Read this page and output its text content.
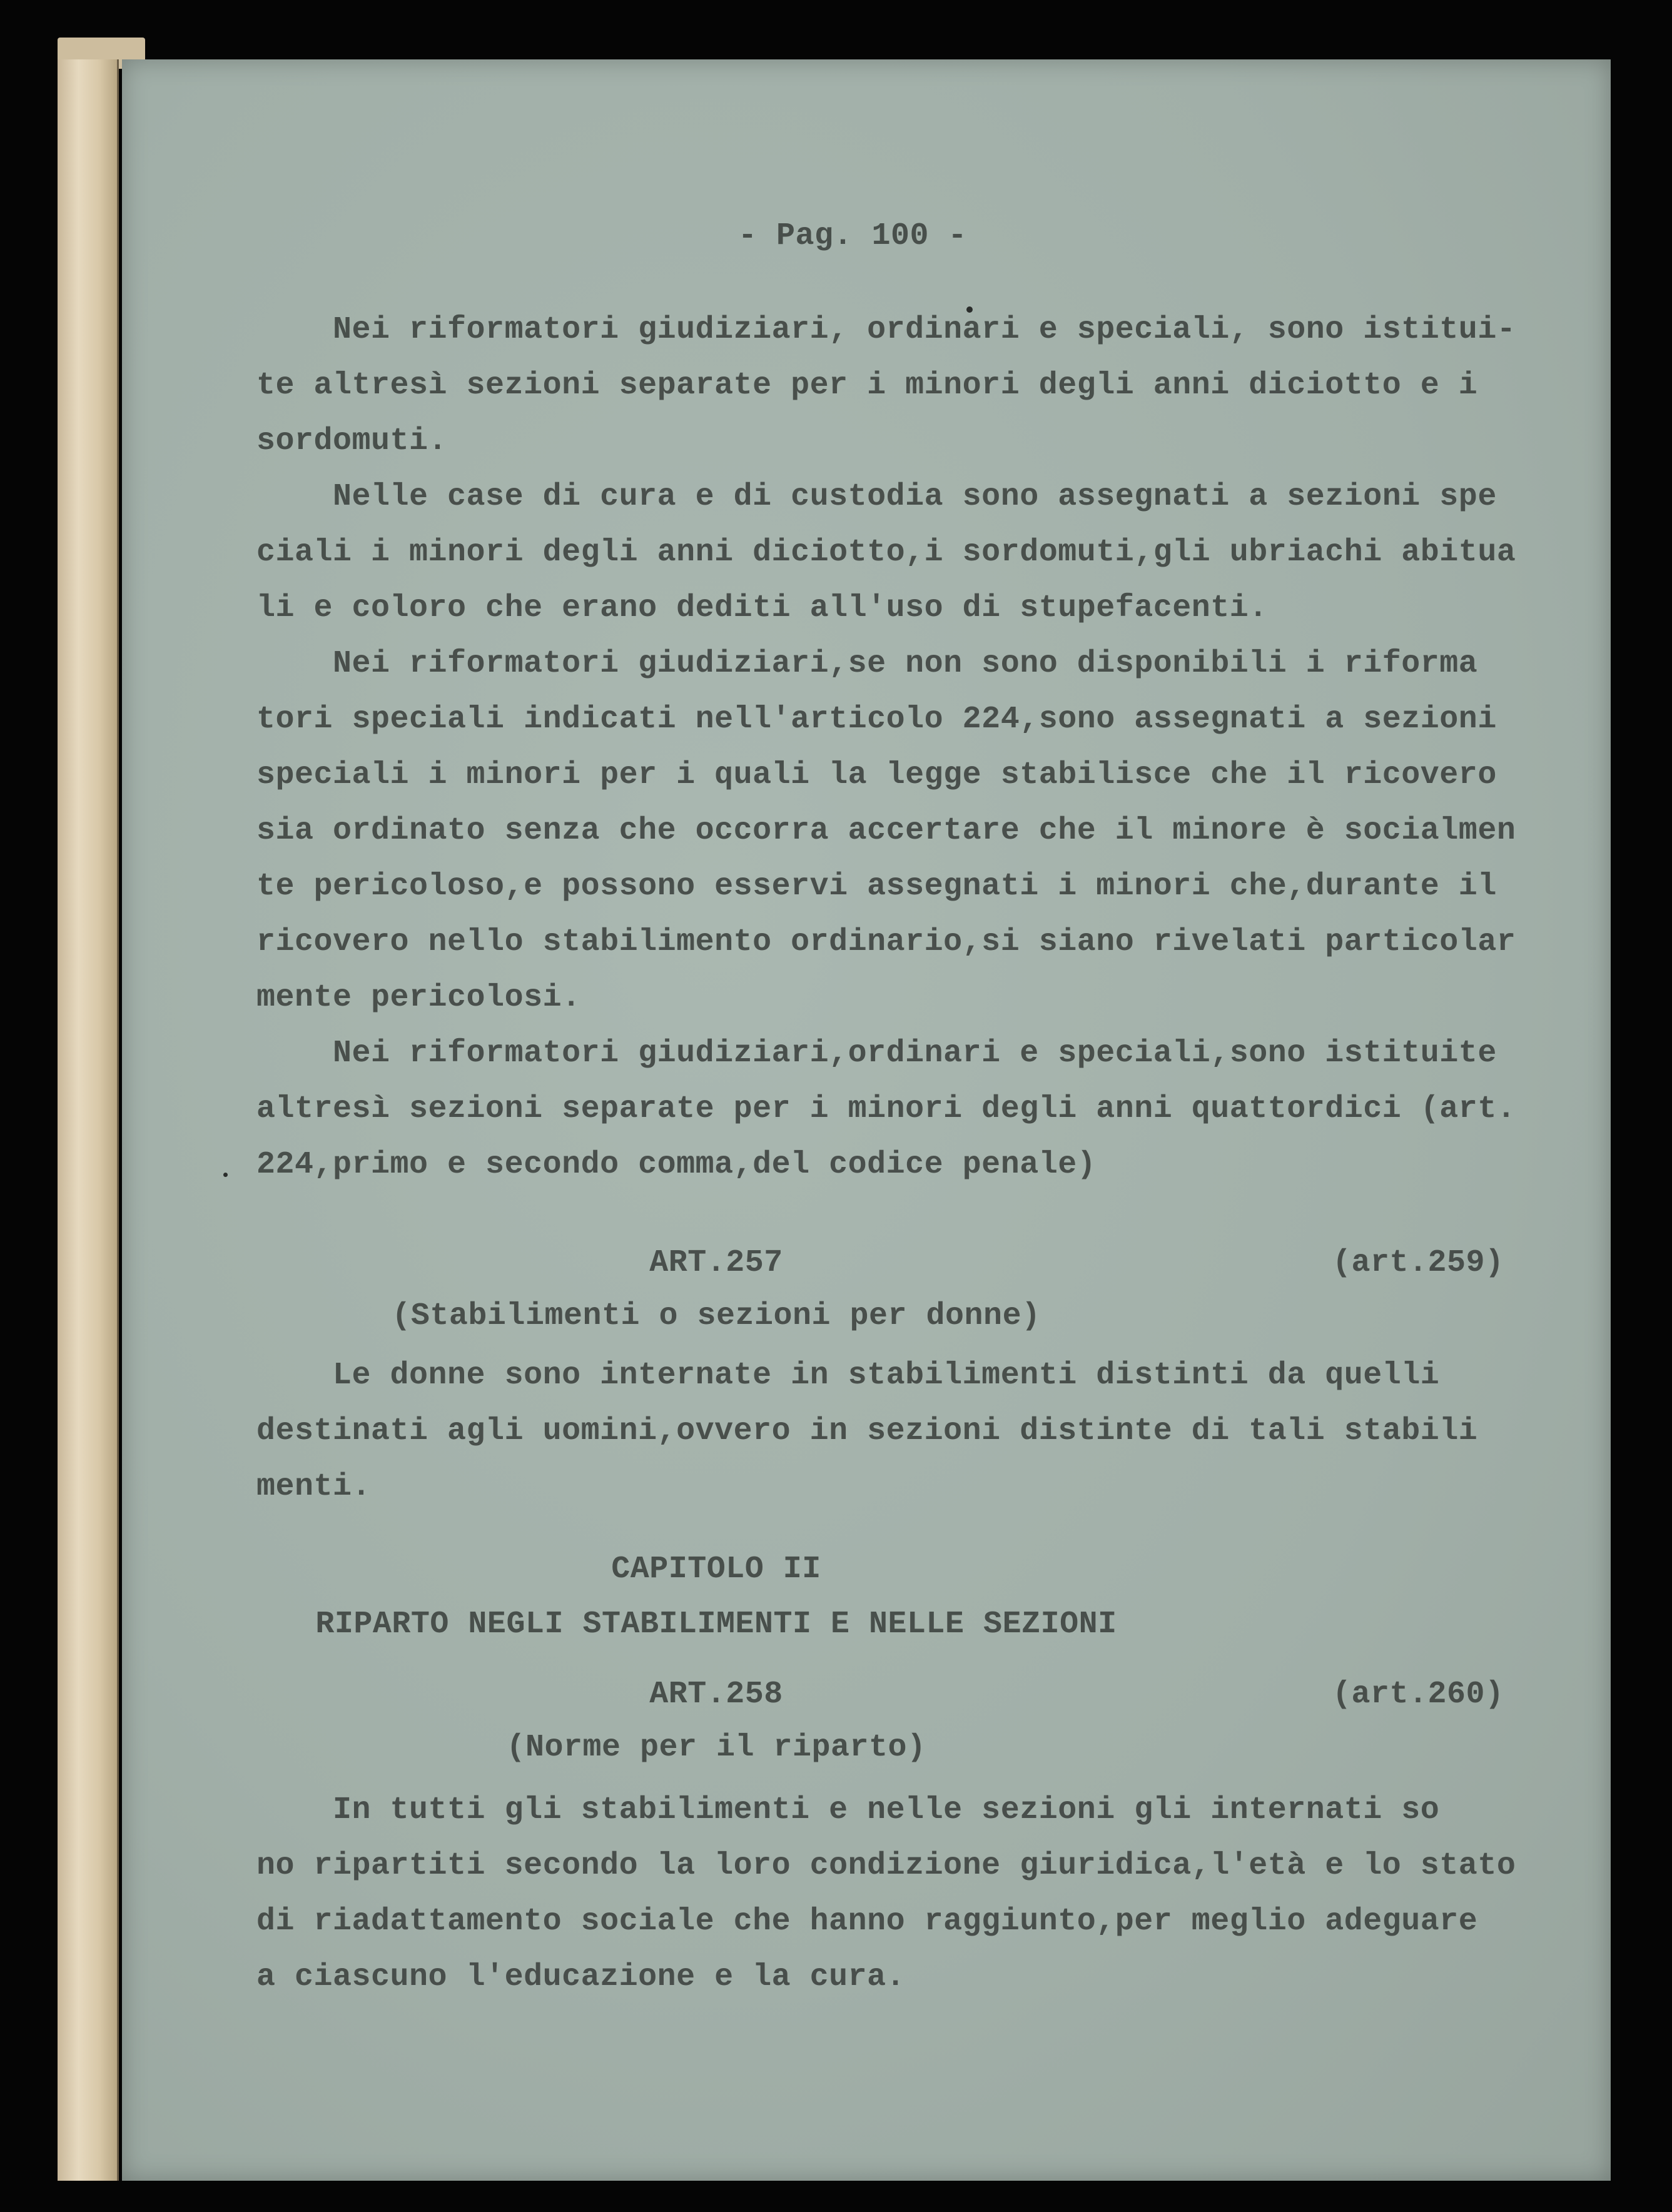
- Pag. 100 -
Nei riformatori giudiziari, ordinari e speciali, sono istitui-
te altresì sezioni separate per i minori degli anni diciotto e i
sordomuti.
Nelle case di cura e di custodia sono assegnati a sezioni spe
ciali i minori degli anni diciotto,i sordomuti,gli ubriachi abitua
li e coloro che erano dediti all'uso di stupefacenti.
Nei riformatori giudiziari,se non sono disponibili i riforma
tori speciali indicati nell'articolo 224,sono assegnati a sezioni
speciali i minori per i quali la legge stabilisce che il ricovero
sia ordinato senza che occorra accertare che il minore è socialmen
te pericoloso,e possono esservi assegnati i minori che,durante il
ricovero nello stabilimento ordinario,si siano rivelati particolar
mente pericolosi.
Nei riformatori giudiziari,ordinari e speciali,sono istituite
altresì sezioni separate per i minori degli anni quattordici (art.
224,primo e secondo comma,del codice penale)
ART.257	(art.259)
(Stabilimenti o sezioni per donne)
Le donne sono internate in stabilimenti distinti da quelli
destinati agli uomini,ovvero in sezioni distinte di tali stabili
menti.
CAPITOLO II
RIPARTO NEGLI STABILIMENTI E NELLE SEZIONI
ART.258	(art.260)
(Norme per il riparto)
In tutti gli stabilimenti e nelle sezioni gli internati so
no ripartiti secondo la loro condizione giuridica,l'età e lo stato
di riadattamento sociale che hanno raggiunto,per meglio adeguare
a ciascuno l'educazione e la cura.
